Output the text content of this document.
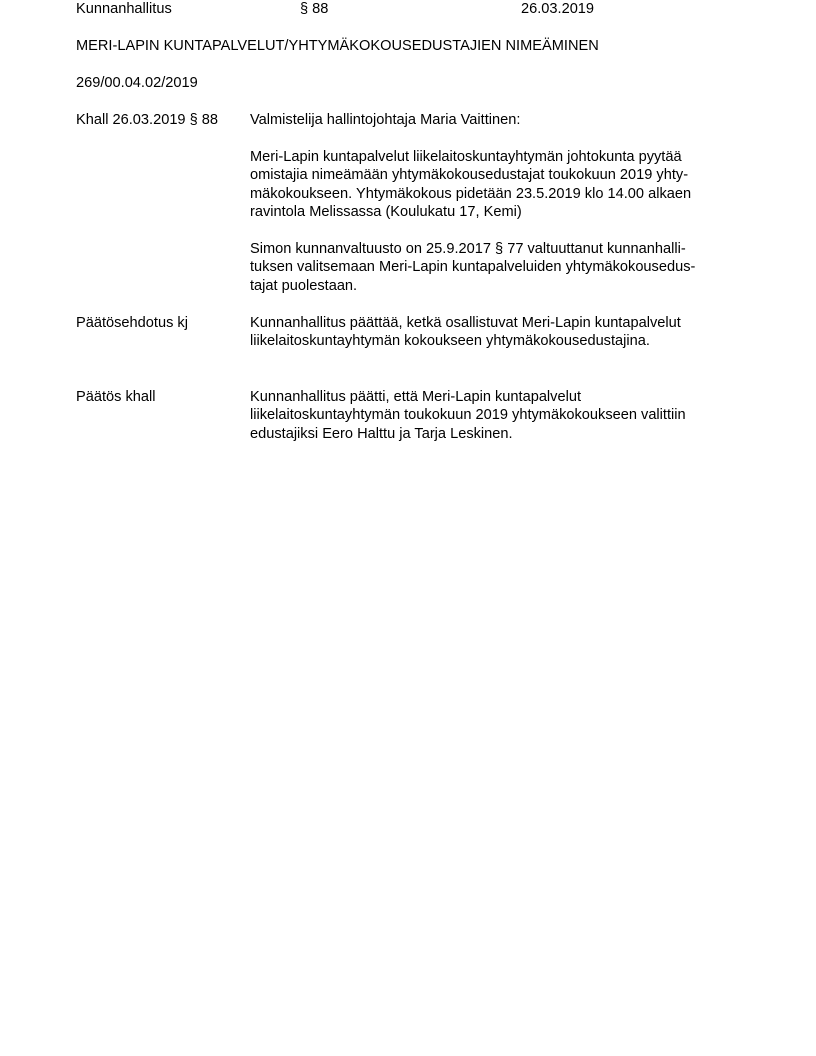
Kunnanhallitus	§ 88	26.03.2019
MERI-LAPIN KUNTAPALVELUT/YHTYMÄKOKOUSEDUSTAJIEN NIMEÄMINEN
269/00.04.02/2019
Khall 26.03.2019 § 88	Valmistelija hallintojohtaja Maria Vaittinen:

Meri-Lapin kuntapalvelut liikelaitoskuntayhtymän johtokunta pyytää
omistajia nimeämään yhtymäkokousedustajat toukokuun 2019 yhty-
mäkokoukseen. Yhtymäkokous pidetään 23.5.2019 klo 14.00 alkaen
ravintola Melissassa (Koulukatu 17, Kemi)

Simon kunnanvaltuusto on 25.9.2017 § 77 valtuuttanut kunnanhalli-
tuksen valitsemaan Meri-Lapin kuntapalveluiden yhtymäkokousedus-
tajat puolestaan.

Päätösehdotus kj	Kunnanhallitus päättää, ketkä osallistuvat Meri-Lapin kuntapalvelut
liikelaitoskuntayhtymän kokoukseen yhtymäkokousedustajina.
Päätös khall	Kunnanhallitus päätti, että Meri-Lapin kuntapalvelut
liikelaitoskuntayhtymän toukokuun 2019 yhtymäkokoukseen valittiin
edustajiksi Eero Halttu ja Tarja Leskinen.
